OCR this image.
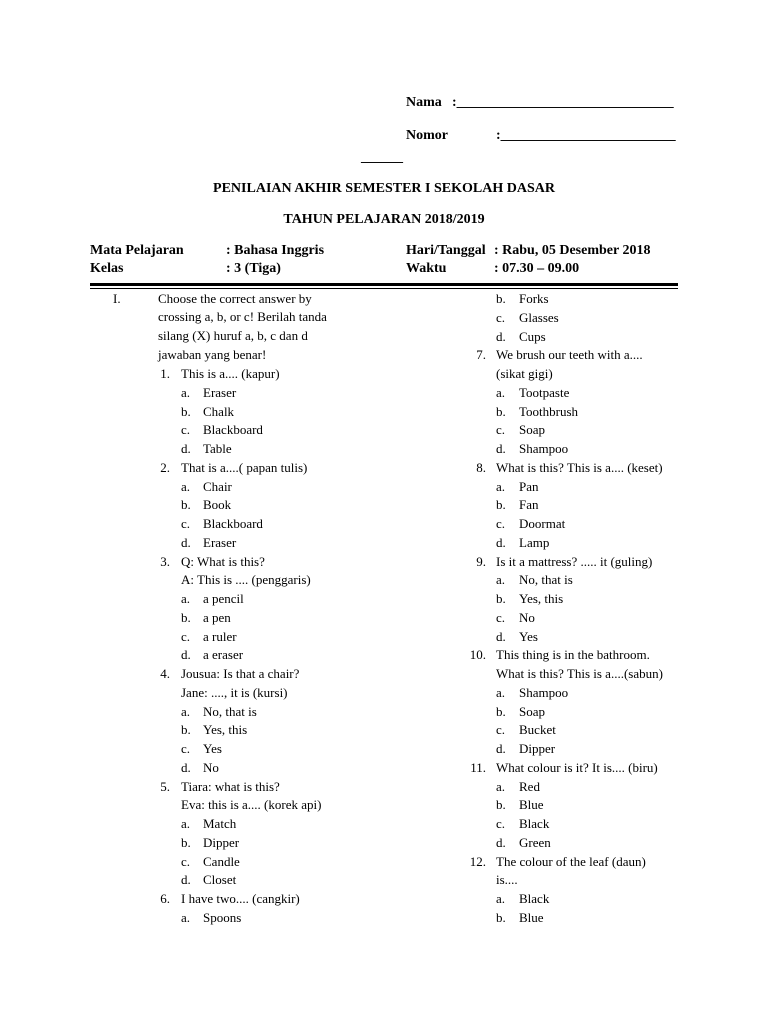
Nama :_______________________________
Nomor	:_________________________
______
PENILAIAN AKHIR SEMESTER I SEKOLAH DASAR
TAHUN PELAJARAN 2018/2019
Mata Pelajaran	: Bahasa Inggris
Kelas	: 3 (Tiga)
Hari/Tanggal : Rabu, 05 Desember 2018
Waktu	: 07.30 – 09.00
I.	Choose the correct answer by
crossing a, b, or c! Berilah tanda
silang (X) huruf a, b, c dan d
jawaban yang benar!
1. This is a.... (kapur)
a. Eraser
b. Chalk
c. Blackboard
d. Table
2. That is a....( papan tulis)
a. Chair
b. Book
c. Blackboard
d. Eraser
3. Q: What is this?
A: This is .... (penggaris)
a. a pencil
b. a pen
c. a ruler
d. a eraser
4. Jousua: Is that a chair?
Jane: ...., it is (kursi)
a. No, that is
b. Yes, this
c. Yes
d. No
5. Tiara: what is this?
Eva: this is a.... (korek api)
a. Match
b. Dipper
c. Candle
d. Closet
6. I have two.... (cangkir)
a. Spoons
b. Forks
c. Glasses
d. Cups
7. We brush our teeth with a....
(sikat gigi)
a. Tootpaste
b. Toothbrush
c. Soap
d. Shampoo
8. What is this? This is a.... (keset)
a. Pan
b. Fan
c. Doormat
d. Lamp
9. Is it a mattress? ..... it (guling)
a. No, that is
b. Yes, this
c. No
d. Yes
10. This thing is in the bathroom.
What is this? This is a....(sabun)
a. Shampoo
b. Soap
c. Bucket
d. Dipper
11. What colour is it? It is.... (biru)
a. Red
b. Blue
c. Black
d. Green
12. The colour of the leaf (daun)
is....
a. Black
b. Blue
